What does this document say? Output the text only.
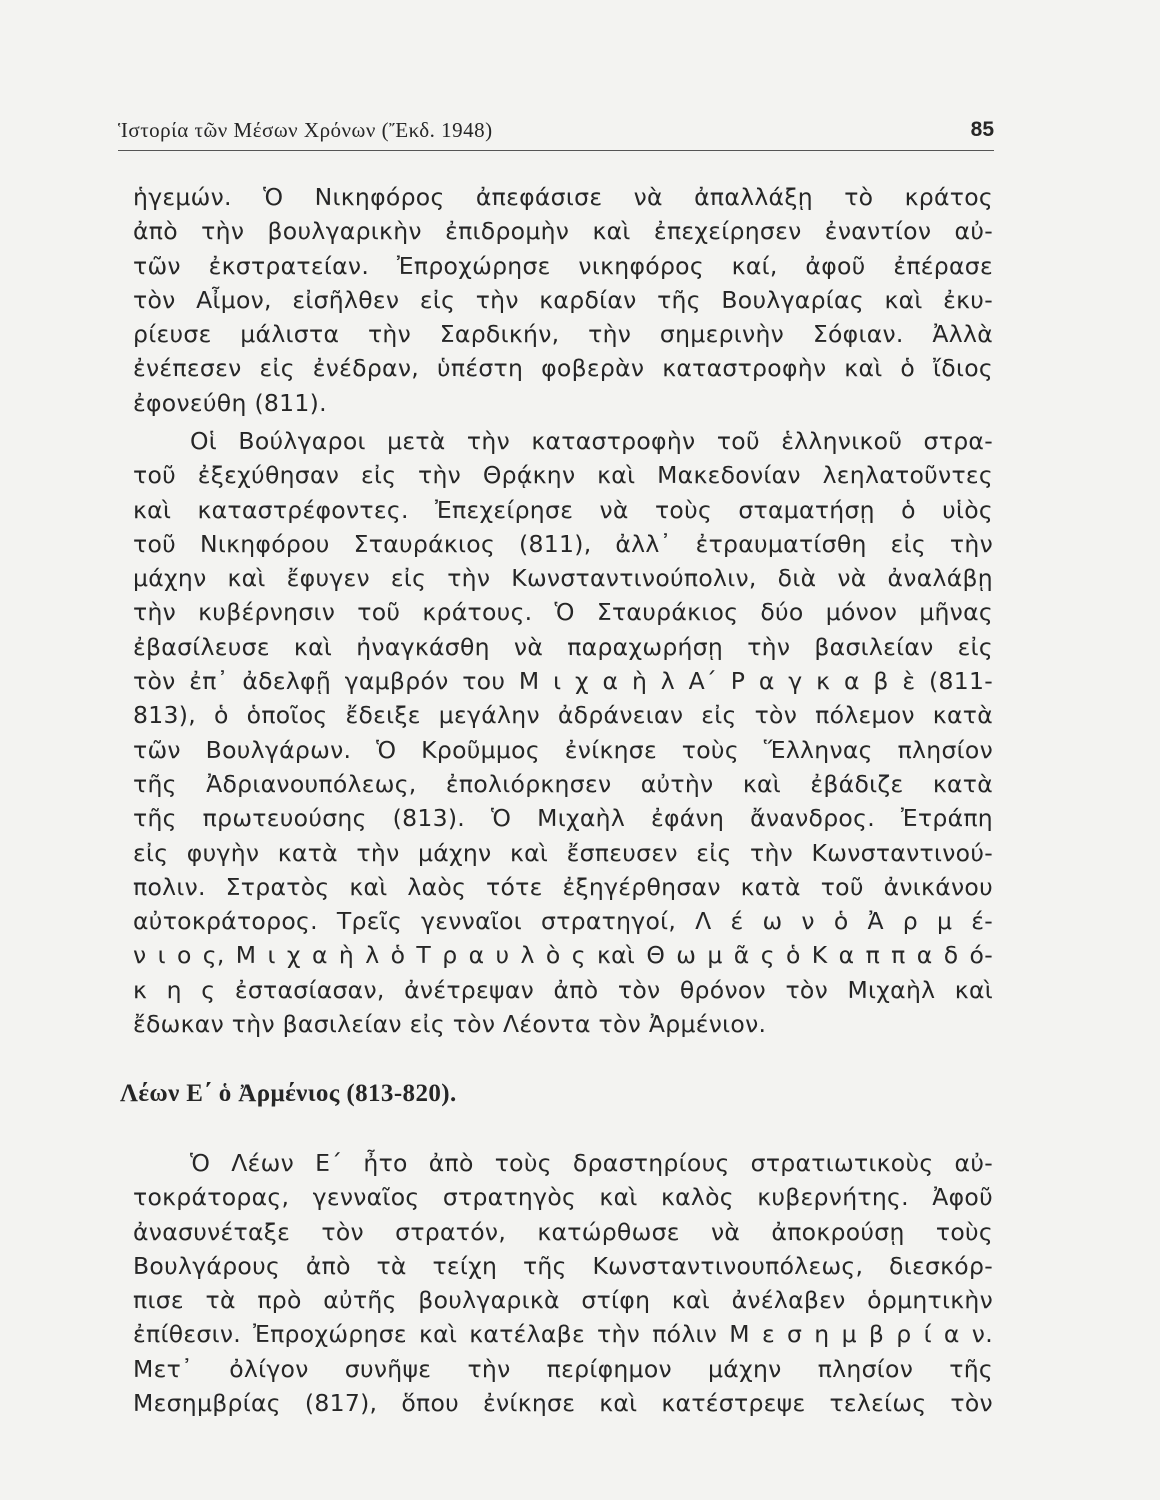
Ἱστορία τῶν Μέσων Χρόνων (Ἔκδ. 1948)	85
ἡγεμών. Ὁ Νικηφόρος ἀπεφάσισε νὰ ἀπαλλάξῃ τὸ κράτος
ἀπὸ τὴν βουλγαρικὴν ἐπιδρομὴν καὶ ἐπεχείρησεν ἐναντίον αὐ-
τῶν ἐκστρατείαν. Ἐπροχώρησε νικηφόρος καί, ἀφοῦ ἐπέρασε
τὸν Αἶμον, εἰσῆλθεν εἰς τὴν καρδίαν τῆς Βουλγαρίας καὶ ἐκυ-
ρίευσε μάλιστα τὴν Σαρδικήν, τὴν σημερινὴν Σόφιαν. Ἀλλὰ
ἐνέπεσεν εἰς ἐνέδραν, ὑπέστη φοβερὰν καταστροφὴν καὶ ὁ ἴδιος
ἐφονεύθη (811).
Οἱ Βούλγαροι μετὰ τὴν καταστροφὴν τοῦ ἑλληνικοῦ στρα-
τοῦ ἐξεχύθησαν εἰς τὴν Θρᾴκην καὶ Μακεδονίαν λεηλατοῦντες
καὶ καταστρέφοντες. Ἐπεχείρησε νὰ τοὺς σταματήσῃ ὁ υἱὸς
τοῦ Νικηφόρου Σταυράκιος (811), ἀλλ᾽ ἐτραυματίσθη εἰς τὴν
μάχην καὶ ἔφυγεν εἰς τὴν Κωνσταντινούπολιν, διὰ νὰ ἀναλάβῃ
τὴν κυβέρνησιν τοῦ κράτους. Ὁ Σταυράκιος δύο μόνον μῆνας
ἐβασίλευσε καὶ ἠναγκάσθη νὰ παραχωρήσῃ τὴν βασιλείαν εἰς
τὸν ἐπ᾽ ἀδελφῇ γαμβρόν του Μ ι χ α ὴ λ Α΄ Ρ α γ κ α β ὲ (811-
813), ὁ ὁποῖος ἔδειξε μεγάλην ἀδράνειαν εἰς τὸν πόλεμον κατὰ
τῶν Βουλγάρων. Ὁ Κροῦμμος ἐνίκησε τοὺς Ἕλληνας πλησίον
τῆς Ἀδριανουπόλεως, ἐπολιόρκησεν αὐτὴν καὶ ἐβάδιζε κατὰ
τῆς πρωτευούσης (813). Ὁ Μιχαὴλ ἐφάνη ἄνανδρος. Ἐτράπη
εἰς φυγὴν κατὰ τὴν μάχην καὶ ἔσπευσεν εἰς τὴν Κωνσταντινού-
πολιν. Στρατὸς καὶ λαὸς τότε ἐξηγέρθησαν κατὰ τοῦ ἀνικάνου
αὐτοκράτορος. Τρεῖς γενναῖοι στρατηγοί, Λ έ ω ν ὁ Ἀ ρ μ έ-
ν ι ο ς, Μ ι χ α ὴ λ ὁ Τ ρ α υ λ ὸ ς καὶ Θ ω μ ᾶ ς ὁ Κ α π π α δ ό-
κ η ς ἐστασίασαν, ἀνέτρεψαν ἀπὸ τὸν θρόνον τὸν Μιχαὴλ καὶ
ἔδωκαν τὴν βασιλείαν εἰς τὸν Λέοντα τὸν Ἀρμένιον.
Λέων Ε΄ ὁ Ἀρμένιος (813-820).
Ὁ Λέων Ε΄ ἦτο ἀπὸ τοὺς δραστηρίους στρατιωτικοὺς αὐ-
τοκράτορας, γενναῖος στρατηγὸς καὶ καλὸς κυβερνήτης. Ἀφοῦ
ἀνασυνέταξε τὸν στρατόν, κατώρθωσε νὰ ἀποκρούσῃ τοὺς
Βουλγάρους ἀπὸ τὰ τείχη τῆς Κωνσταντινουπόλεως, διεσκόρ-
πισε τὰ πρὸ αὐτῆς βουλγαρικὰ στίφη καὶ ἀνέλαβεν ὁρμητικὴν
ἐπίθεσιν. Ἐπροχώρησε καὶ κατέλαβε τὴν πόλιν Μ ε σ η μ β ρ ί α ν.
Μετ᾽ ὀλίγον συνῆψε τὴν περίφημον μάχην πλησίον τῆς
Μεσημβρίας (817), ὅπου ἐνίκησε καὶ κατέστρεψε τελείως τὸν
